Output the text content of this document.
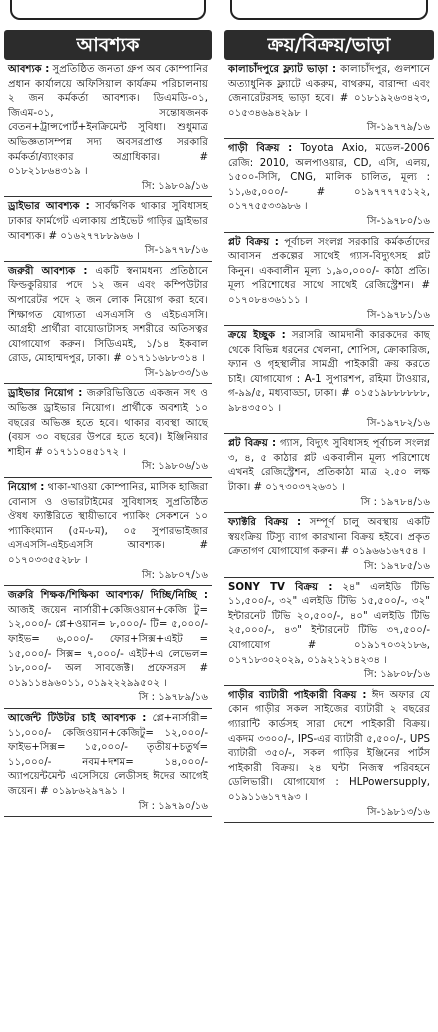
আবশ্যক
আবশ্যক : সুপ্রতিষ্ঠিত জনতা গ্রুপ অব কোম্পানির প্রধান কার্যালয়ে অফিসিয়াল কার্যক্রম পরিচালনায় ২ জন কর্মকর্তা আবশ্যক। ডিএমডি-০১, জিএম-০১, সন্তোষজনক বেতন+ট্রান্সপোর্ট+ইনক্রিমেন্ট সুবিধা। শুধুমাত্র অভিজ্ঞতাসম্পন্ন সদ্য অবসরপ্রাপ্ত সরকারি কর্মকর্তা/ব্যাংকার অগ্রাধিকার। # ০১৮২১৮৬৪৩১৯ ।
সি: ১৯৮০৯/১৬
ড্রাইভার আবশ্যক : সার্বক্ষণিক থাকার সুবিধাসহ ঢাকার ফার্মগেট এলাকায় প্রাইভেট গাড়ির ড্রাইভার আবশ্যক। # ০১৬২৭৭৮৮৯৬৬ ।
সি-১৯৭৭৮/১৬
জরুরী আবশ্যক : একটি স্বনামধন্য প্রতিষ্ঠানে ফিল্ডকুরিয়ার পদে ১২ জন এবং কম্পিউটার অপারেটর পদে ২ জন লোক নিয়োগ করা হবে। শিক্ষাগত যোগ্যতা এসএসসি ও এইচএসসি। আগ্রহী প্রার্থীরা বায়োডাটাসহ সশরীরে অতিসত্বর যোগাযোগ করুন। সিডিএমই, ১/১৪ ইকবাল রোড, মোহাম্মদপুর, ঢাকা। # ০১৭১১৬৮৮৩১৪ ।
সি-১৯৮৩৩/১৬
ড্রাইভার নিয়োগ : জরুরিভিত্তিতে একজন সৎ ও অভিজ্ঞ ড্রাইভার নিয়োগ। প্রার্থীকে অবশ্যই ১০ বছরের অভিজ্ঞ হতে হবে। থাকার ব্যবস্থা আছে (বয়স ৩০ বছরের উপরে হতে হবে)। ইঞ্জিনিয়ার শাহীন # ০১৭১১০৪৫১৭২ ।
সি: ১৯৮০৬/১৬
নিয়োগ : থাকা-খাওয়া কোম্পানির, মাসিক হাজিরা বোনাস ও ওভারটাইমের সুবিধাসহ সুপ্রতিষ্ঠিত ঔষধ ফ্যাক্টরিতে স্থায়ীভাবে প্যাকিং সেকশনে ১০ প্যাকিংম্যান (৫ম-৮ম), ০৫ সুপারভাইজার এসএসসি-এইচএসসি আবশ্যক। # ০১৭০৩৩৫৫২৮৮ ।
সি: ১৯৮০৭/১৬
জরুরি শিক্ষক/শিক্ষিকা আবশ্যক/ দিচ্ছি/নিচ্ছি : আজই জয়েন নার্সারী+কেজিওয়ান+কেজি টু= ১২,০০০/- প্লে+ওয়ান= ৮,০০০/- টি= ৫,০০০/- ফাইভ= ৬,০০০/- ফোর+সিক্স+এইট = ১৫,০০০/- সিক্স= ৭,০০০/- এইট+এ লেভেল= ১৮,০০০/- অল সাবজেক্ট। প্রফেসরস # ০১৯১১৪৯৬০১১, ০১৯২২২৯৯৫০২ ।
সি : ১৯৭৮৯/১৬
আর্জেন্ট টিউটর চাই আবশ্যক : প্লে+নার্সারী= ১১,০০০/- কেজিওয়ান+কেজিটু= ১২,০০০/- ফাইভ+সিক্স= ১৫,০০০/- তৃতীয়+চতুর্থ= ১১,০০০/- নবম+দশম= ১৪,০০০/- অ্যাপয়েন্টমেন্ট এসেসিয়ে লেডীসহ ঈদের আগেই জয়েন। # ০১৯৮৬২৯৭৯১ ।
সি : ১৯৭৯০/১৬
ক্রয়/বিক্রয়/ভাড়া
কালাচাঁদপুরে ফ্ল্যাট ভাড়া : কালাচাঁদপুর, গুলশানে অত্যাধুনিক ফ্ল্যাটে একরুম, বাথরুম, বারান্দা এবং জেনারেটরসহ ভাড়া হবে। # ০১৮১৯২৬৩৪২৩, ০১৫৩৪৬৯৪২৯৮ ।
সি-১৯৭৭৯/১৬
গাড়ী বিক্রয় : Toyota Axio, মডেল-2006 রেজি: 2010, অলপাওয়ার, CD, এসি, এলয়, ১৫০০-সিসি, CNG, মালিক চালিত, মূল্য : ১১,৬৫,০০০/- # ০১৯৭৭৭৭৫১২২, ০১৭৭৫৫৩৩৯৮৬ ।
সি-১৯৭৮০/১৬
প্লট বিক্রয় : পূর্বাচল সংলগ্ন সরকারি কর্মকর্তাদের আবাসন প্রকল্পের সাথেই গ্যাস-বিদ্যুৎসহ প্লট কিনুন। একবালীন মূল্য ১,৯০,০০০/- কাঠা প্রতি। মূল্য পরিশোধের সাথে সাথেই রেজিস্ট্রেশন। # ০১৭০৮৪৩৬১১১ ।
সি-১৯৭৮১/১৬
ক্রয়ে ইচ্ছুক : সরাসরি আমদানী কারকদের কাছ থেকে বিভিন্ন ধরনের খেলনা, শোপিস, ক্রোকারিজ, ফ্যান ও গৃহস্থালীর সামগ্রী পাইকারী ক্রয় করতে চাই। যোগাযোগ : A-1 সুপারশপ, রহিমা টাওয়ার, গ-৯৯/৫, মধ্যবাড্ডা, ঢাকা। # ০১৫১৯৮৮৮৮৮৮, ৯৮৪৩৫০১ ।
সি-১৯৭৮২/১৬
প্লট বিক্রয় : গ্যাস, বিদ্যুৎ সুবিধাসহ পূর্বাচল সংলগ্ন ৩, ৪, ৫ কাঠার প্লট একবালীন মূল্য পরিশোধে এখনই রেজিস্ট্রেশন, প্রতিকাঠা মাত্র ২.৫০ লক্ষ টাকা। # ০১৭৩০৩৭২৬৩১ ।
সি : ১৯৭৮৪/১৬
ফ্যাক্টরি বিক্রয় : সম্পূর্ণ চালু অবস্থায় একটি স্বয়ংক্রিয় টিস্যু ব্যাগ কারখানা বিক্রয় হইবে। প্রকৃত ক্রেতাগণ যোগাযোগ করুন। # ০১৯৬৬১৬৭৫৪ ।
সি: ১৯৭৮৫/১৬
SONY TV বিক্রয় : ২৪" এলইডি টিভি ১১,৫০০/-, ৩২" এলইডি টিভি ১৫,৫০০/-, ৩২" ইন্টারনেট টিভি ২০,৫০০/-, ৪০" এলইডি টিভি ২৫,০০০/-, ৪৩" ইন্টারনেট টিভি ৩৭,৫০০/- যোগাযোগ # ০১৯১৭০৩২১৮৬, ০১৭১৮৩০২০২৯, ০১৯২১২১৪২৩৪ ।
সি: ১৯৮০৮/১৬
গাড়ীর ব্যাটারী পাইকারী বিক্রয় : ঈদ অফার যে কোন গাড়ীর সকল সাইজের ব্যাটারী ২ বছরের গ্যারান্টি কার্ডসহ সারা দেশে পাইকারী বিক্রয়। একদম ৩৩০০/-, IPS-এর ব্যাটারী ৫,৫০০/-, UPS ব্যাটারী ৩৫০/-, সকল গাড়ির ইঞ্জিনের পার্টস পাইকারী বিক্রয়। ২৪ ঘন্টা নিজস্ব পরিবহনে ডেলিভারী। যোগাযোগ : HLPowersupply, ০১৯১১৬১৭৭৯৩ ।
সি-১৯৮১৩/১৬
